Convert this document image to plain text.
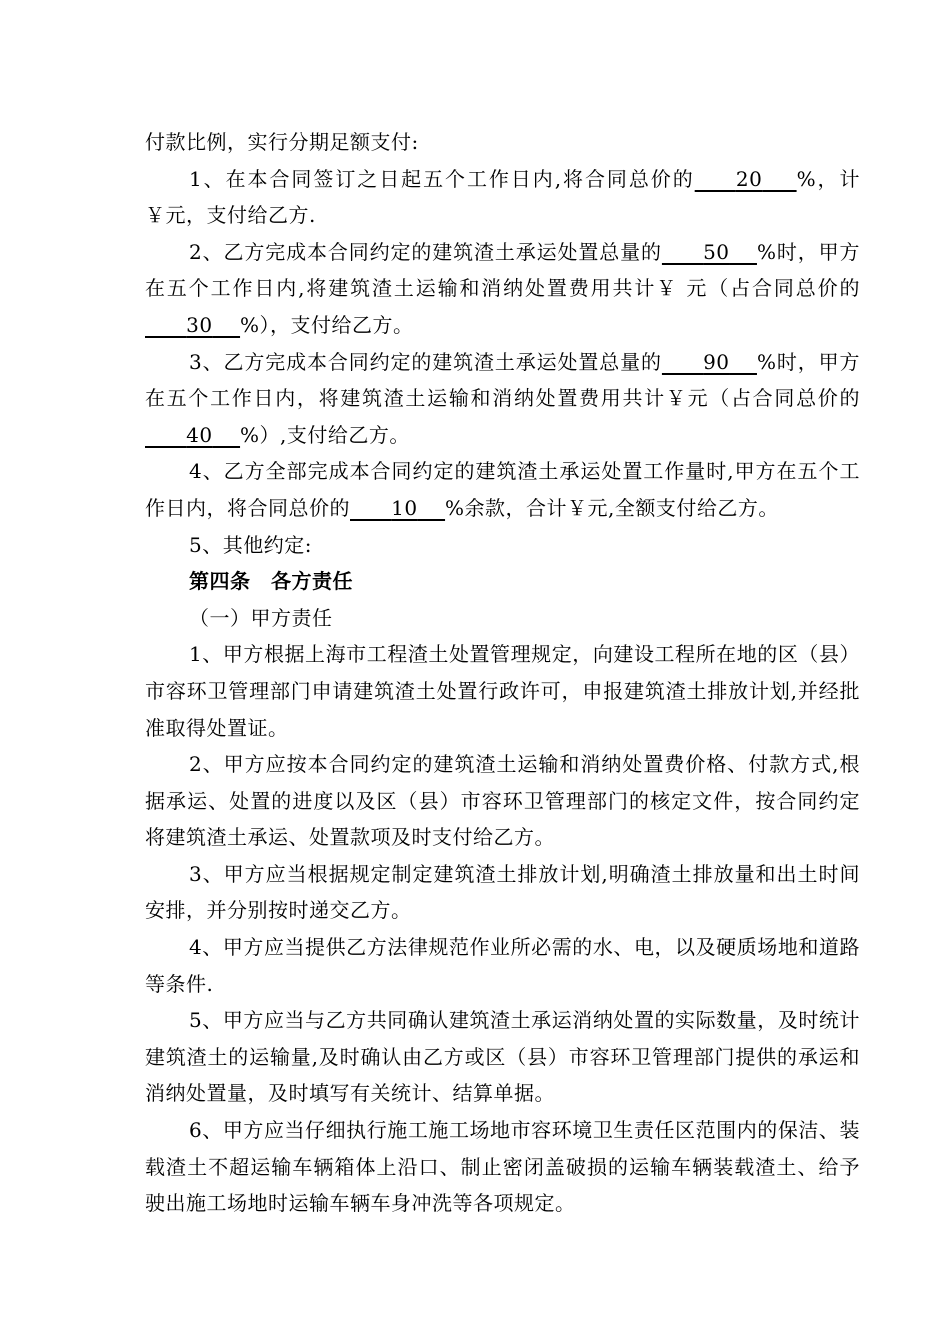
付款比例，实行分期足额支付:

1、在本合同签订之日起五个工作日内,将合同总价的 20 %，计￥元，支付给乙方.

2、乙方完成本合同约定的建筑渣土承运处置总量的 50 %时，甲方在五个工作日内,将建筑渣土运输和消纳处置费用共计￥ 元（占合同总价的      30 %），支付给乙方。

3、乙方完成本合同约定的建筑渣土承运处置总量的 90 %时，甲方在五个工作日内，将建筑渣土运输和消纳处置费用共计￥元（占合同总价的      40 %）,支付给乙方。

4、乙方全部完成本合同约定的建筑渣土承运处置工作量时,甲方在五个工作日内，将合同总价的 10 %余款，合计￥元,全额支付给乙方。

5、其他约定:

第四条　各方责任

（一）甲方责任

1、甲方根据上海市工程渣土处置管理规定，向建设工程所在地的区（县）市容环卫管理部门申请建筑渣土处置行政许可，申报建筑渣土排放计划,并经批准取得处置证。

2、甲方应按本合同约定的建筑渣土运输和消纳处置费价格、付款方式,根据承运、处置的进度以及区（县）市容环卫管理部门的核定文件，按合同约定将建筑渣土承运、处置款项及时支付给乙方。

3、甲方应当根据规定制定建筑渣土排放计划,明确渣土排放量和出土时间安排，并分别按时递交乙方。

4、甲方应当提供乙方法律规范作业所必需的水、电，以及硬质场地和道路等条件.

5、甲方应当与乙方共同确认建筑渣土承运消纳处置的实际数量，及时统计建筑渣土的运输量,及时确认由乙方或区（县）市容环卫管理部门提供的承运和消纳处置量，及时填写有关统计、结算单据。

6、甲方应当仔细执行施工施工场地市容环境卫生责任区范围内的保洁、装载渣土不超运输车辆箱体上沿口、制止密闭盖破损的运输车辆装载渣土、给予驶出施工场地时运输车辆车身冲洗等各项规定。
